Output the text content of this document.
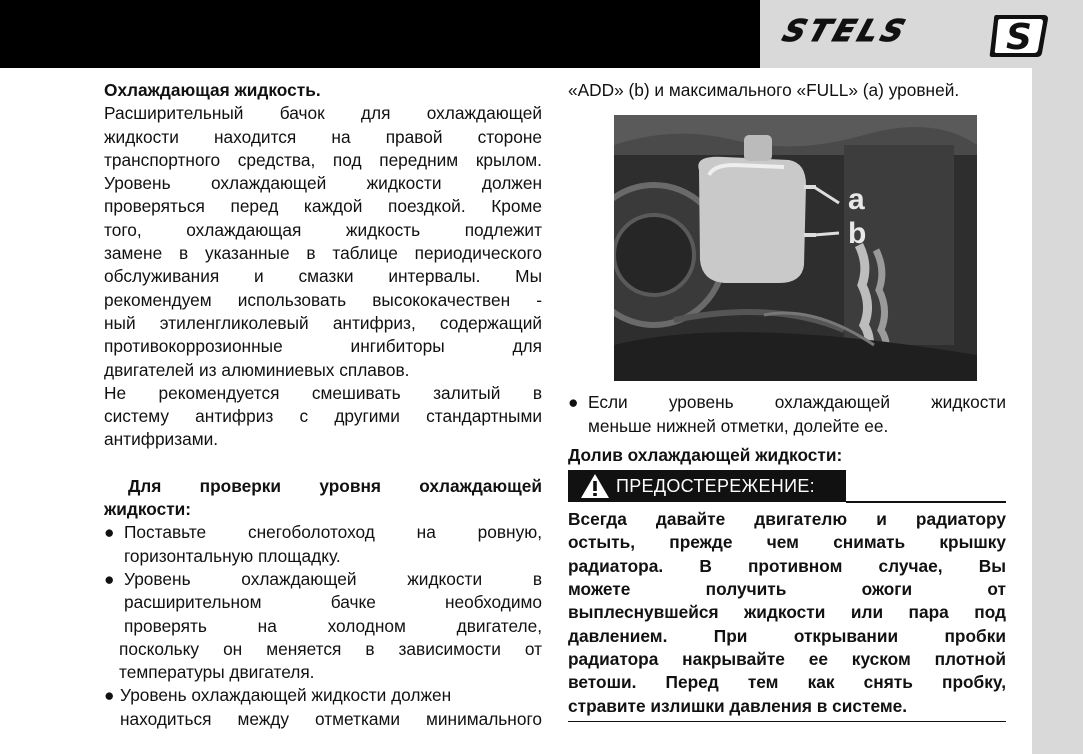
STELS	S
Охлаждающая жидкость.
Расширительный бачок для охлаждающей
жидкости находится на правой стороне
транспортного средства, под передним крылом.
Уровень охлаждающей жидкости должен
проверяться перед каждой поездкой. Кроме
того, охлаждающая жидкость подлежит
замене в указанные в таблице периодического
обслуживания и смазки интервалы. Мы
рекомендуем использовать высококачествен -
ный этиленгликолевый антифриз, содержащий
противокоррозионные ингибиторы для
двигателей из алюминиевых сплавов.
Не рекомендуется смешивать залитый в
систему антифриз с другими стандартными
антифризами.
Для проверки уровня охлаждающей
жидкости:
● Поставьте снегоболотоход на ровную,
горизонтальную площадку.
● Уровень охлаждающей жидкости в
расширительном бачке необходимо
проверять на холодном двигателе,
поскольку он меняется в зависимости от
температуры двигателя.
● Уровень охлаждающей жидкости должен
находиться между отметками минимального
«ADD» (b) и максимального «FULL» (a) уровней.
a
b
● Если уровень охлаждающей жидкости
меньше нижней отметки, долейте ее.
Долив охлаждающей жидкости:
ПРЕДОСТЕРЕЖЕНИЕ:
Всегда давайте двигателю и радиатору
остыть, прежде чем снимать крышку
радиатора. В противном случае, Вы
можете получить ожоги от
выплеснувшейся жидкости или пара под
давлением. При открывании пробки
радиатора накрывайте ее куском плотной
ветоши. Перед тем как снять пробку,
стравите излишки давления в системе.
